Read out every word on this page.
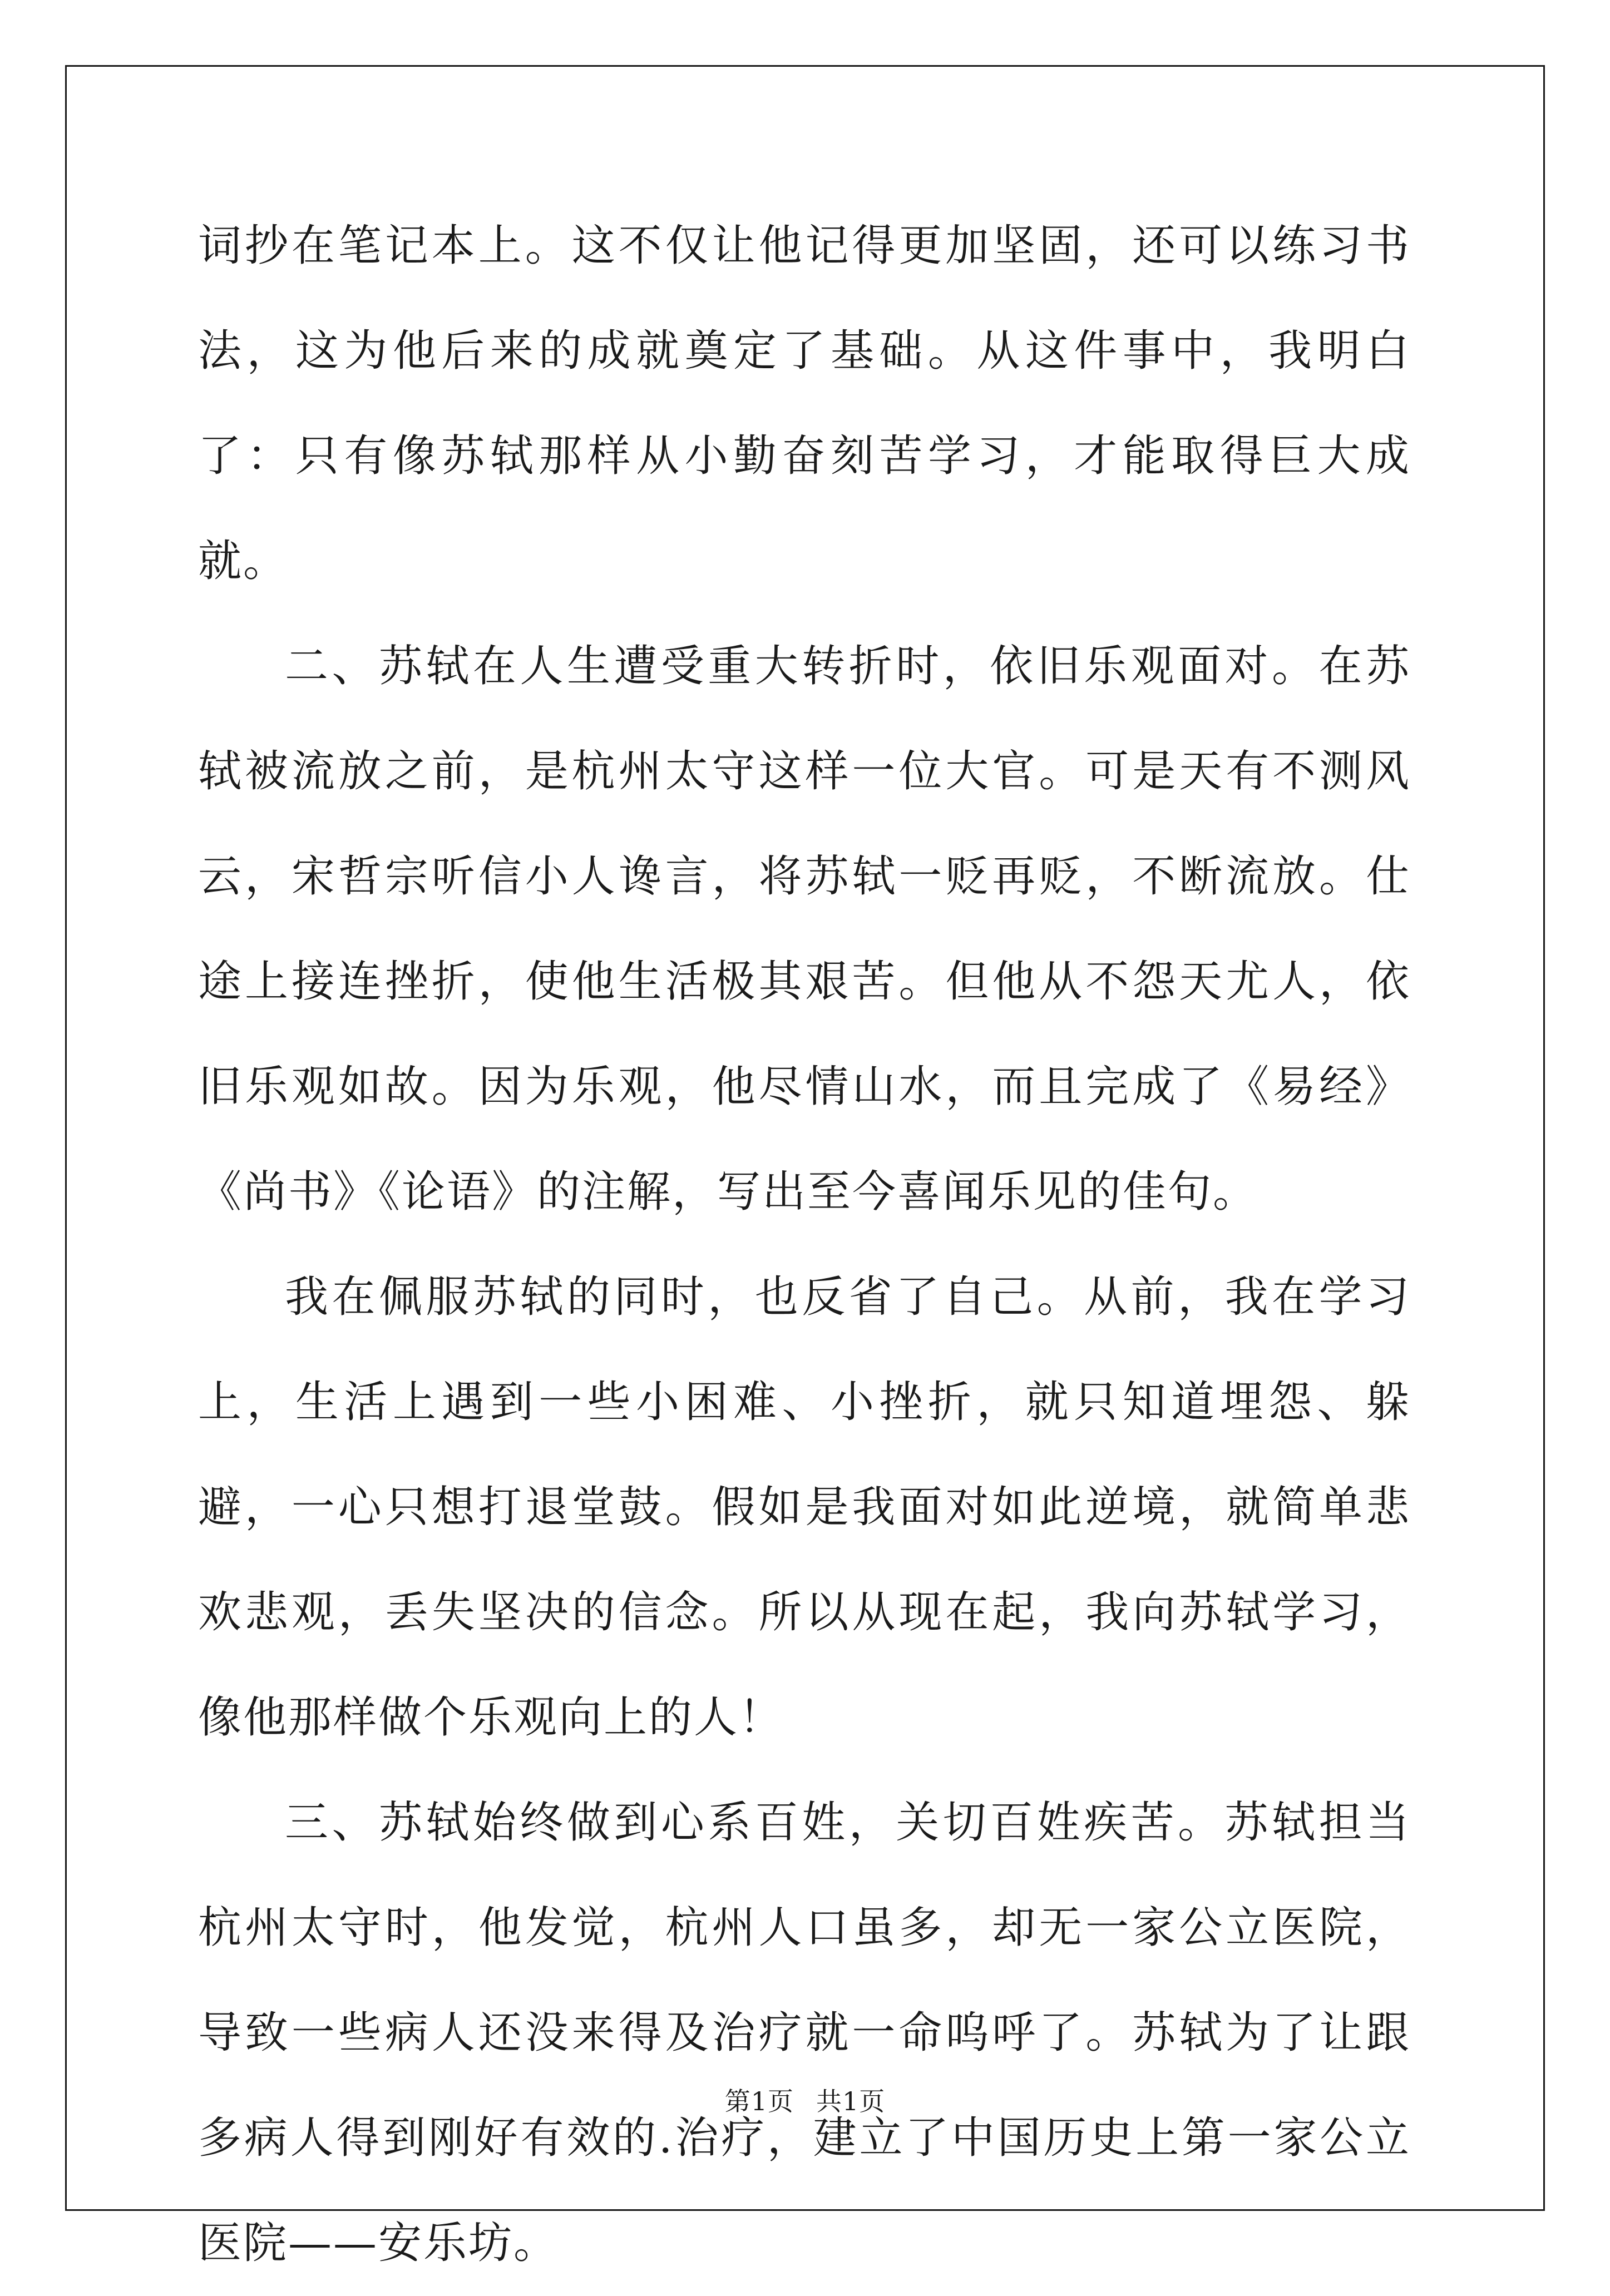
词抄在笔记本上。这不仅让他记得更加坚固，还可以练习书法，这为他后来的成就奠定了基础。从这件事中，我明白了：只有像苏轼那样从小勤奋刻苦学习，才能取得巨大成就。

二、苏轼在人生遭受重大转折时，依旧乐观面对。在苏轼被流放之前，是杭州太守这样一位大官。可是天有不测风云，宋哲宗听信小人谗言，将苏轼一贬再贬，不断流放。仕途上接连挫折，使他生活极其艰苦。但他从不怨天尤人，依旧乐观如故。因为乐观，他尽情山水，而且完成了《易经》《尚书》《论语》的注解，写出至今喜闻乐见的佳句。

我在佩服苏轼的同时，也反省了自己。从前，我在学习上，生活上遇到一些小困难、小挫折，就只知道埋怨、躲避，一心只想打退堂鼓。假如是我面对如此逆境，就简单悲欢悲观，丢失坚决的信念。所以从现在起，我向苏轼学习，像他那样做个乐观向上的人！

三、苏轼始终做到心系百姓，关切百姓疾苦。苏轼担当杭州太守时，他发觉，杭州人口虽多，却无一家公立医院，导致一些病人还没来得及治疗就一命呜呼了。苏轼为了让跟多病人得到刚好有效的.治疗，建立了中国历史上第一家公立医院——安乐坊。

第1页 共1页
